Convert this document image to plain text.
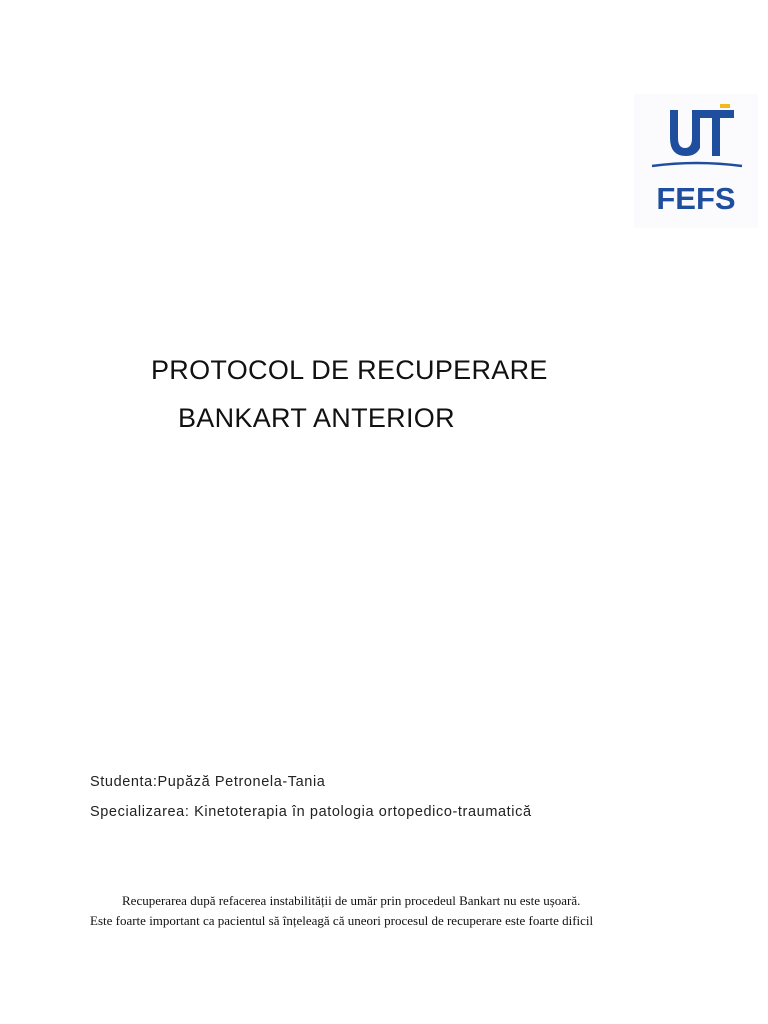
FEFS
PROTOCOL DE RECUPERARE
BANKART ANTERIOR
Studenta:Pupăză Petronela-Tania
Specializarea: Kinetoterapia în patologia ortopedico-traumatică
Recuperarea după refacerea instabilității de umăr prin procedeul Bankart nu este ușoară.
Este foarte important ca pacientul să înțeleagă că uneori procesul de recuperare este foarte dificil
